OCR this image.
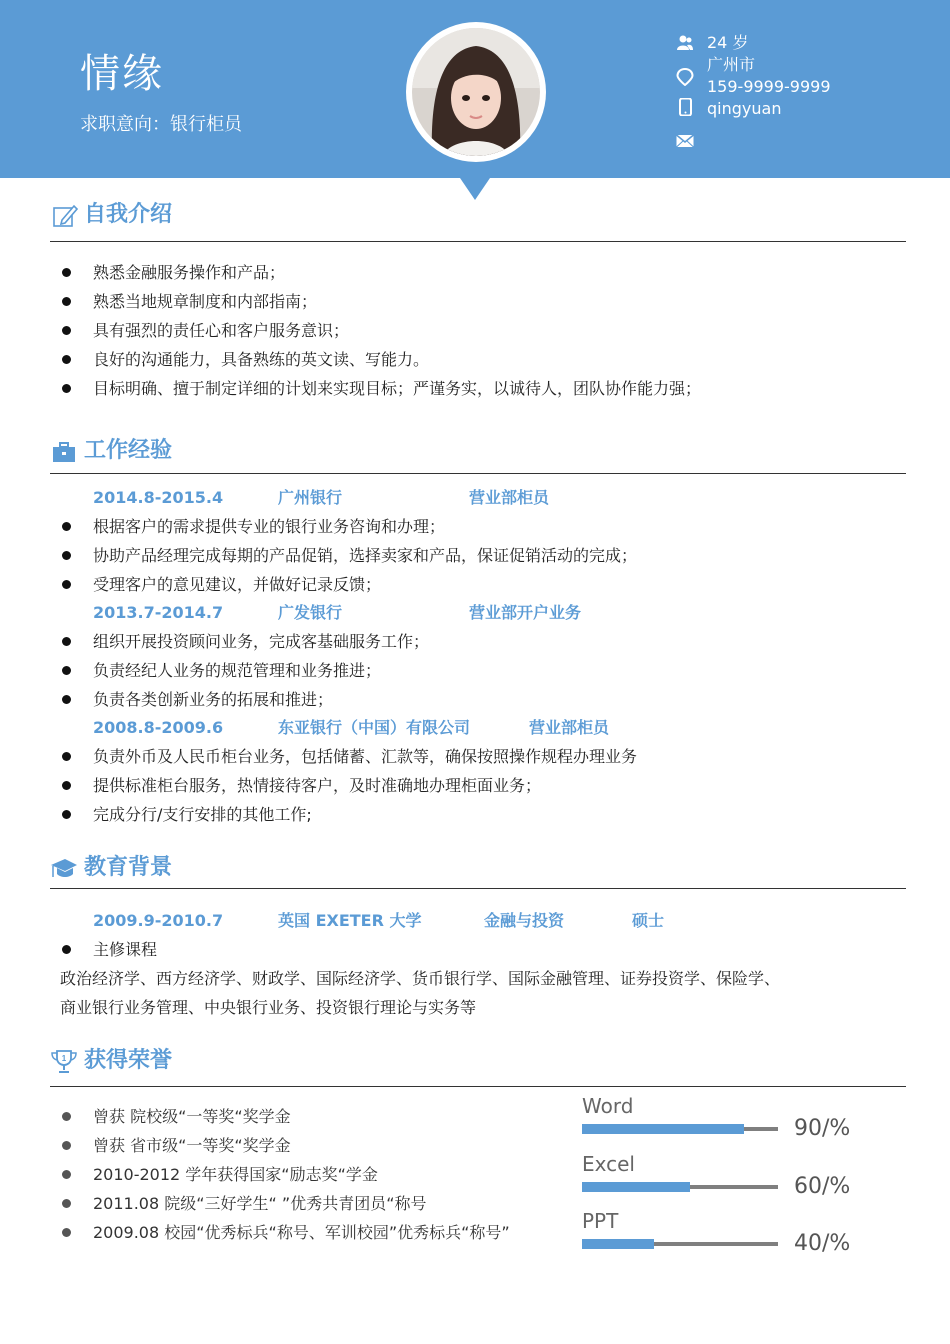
情缘
求职意向：银行柜员
24 岁
广州市
159-9999-9999
qingyuan
自我介绍
熟悉金融服务操作和产品；
熟悉当地规章制度和内部指南；
具有强烈的责任心和客户服务意识；
良好的沟通能力，具备熟练的英文读、写能力。
目标明确、擅于制定详细的计划来实现目标；严谨务实，以诚待人，团队协作能力强；
工作经验
2014.8-2015.4	广州银行	营业部柜员
根据客户的需求提供专业的银行业务咨询和办理；
协助产品经理完成每期的产品促销，选择卖家和产品，保证促销活动的完成；
受理客户的意见建议，并做好记录反馈；
2013.7-2014.7	广发银行	营业部开户业务
组织开展投资顾问业务，完成客基础服务工作；
负责经纪人业务的规范管理和业务推进；
负责各类创新业务的拓展和推进；
2008.8-2009.6	东亚银行（中国）有限公司	营业部柜员
负责外币及人民币柜台业务，包括储蓄、汇款等，确保按照操作规程办理业务
提供标准柜台服务，热情接待客户，及时准确地办理柜面业务；
完成分行/支行安排的其他工作;
教育背景
2009.9-2010.7	英国 EXETER 大学	金融与投资	硕士
主修课程
政治经济学、西方经济学、财政学、国际经济学、货币银行学、国际金融管理、证券投资学、保险学、
商业银行业务管理、中央银行业务、投资银行理论与实务等
1 获得荣誉
曾获 院校级“一等奖“奖学金
曾获 省市级“一等奖“奖学金
2010-2012 学年获得国家“励志奖“学金
2011.08 院级“三好学生“ ”优秀共青团员“称号
2009.08 校园“优秀标兵“称号、军训校园”优秀标兵“称号”
Word
90/%
Excel
60/%
PPT
40/%
